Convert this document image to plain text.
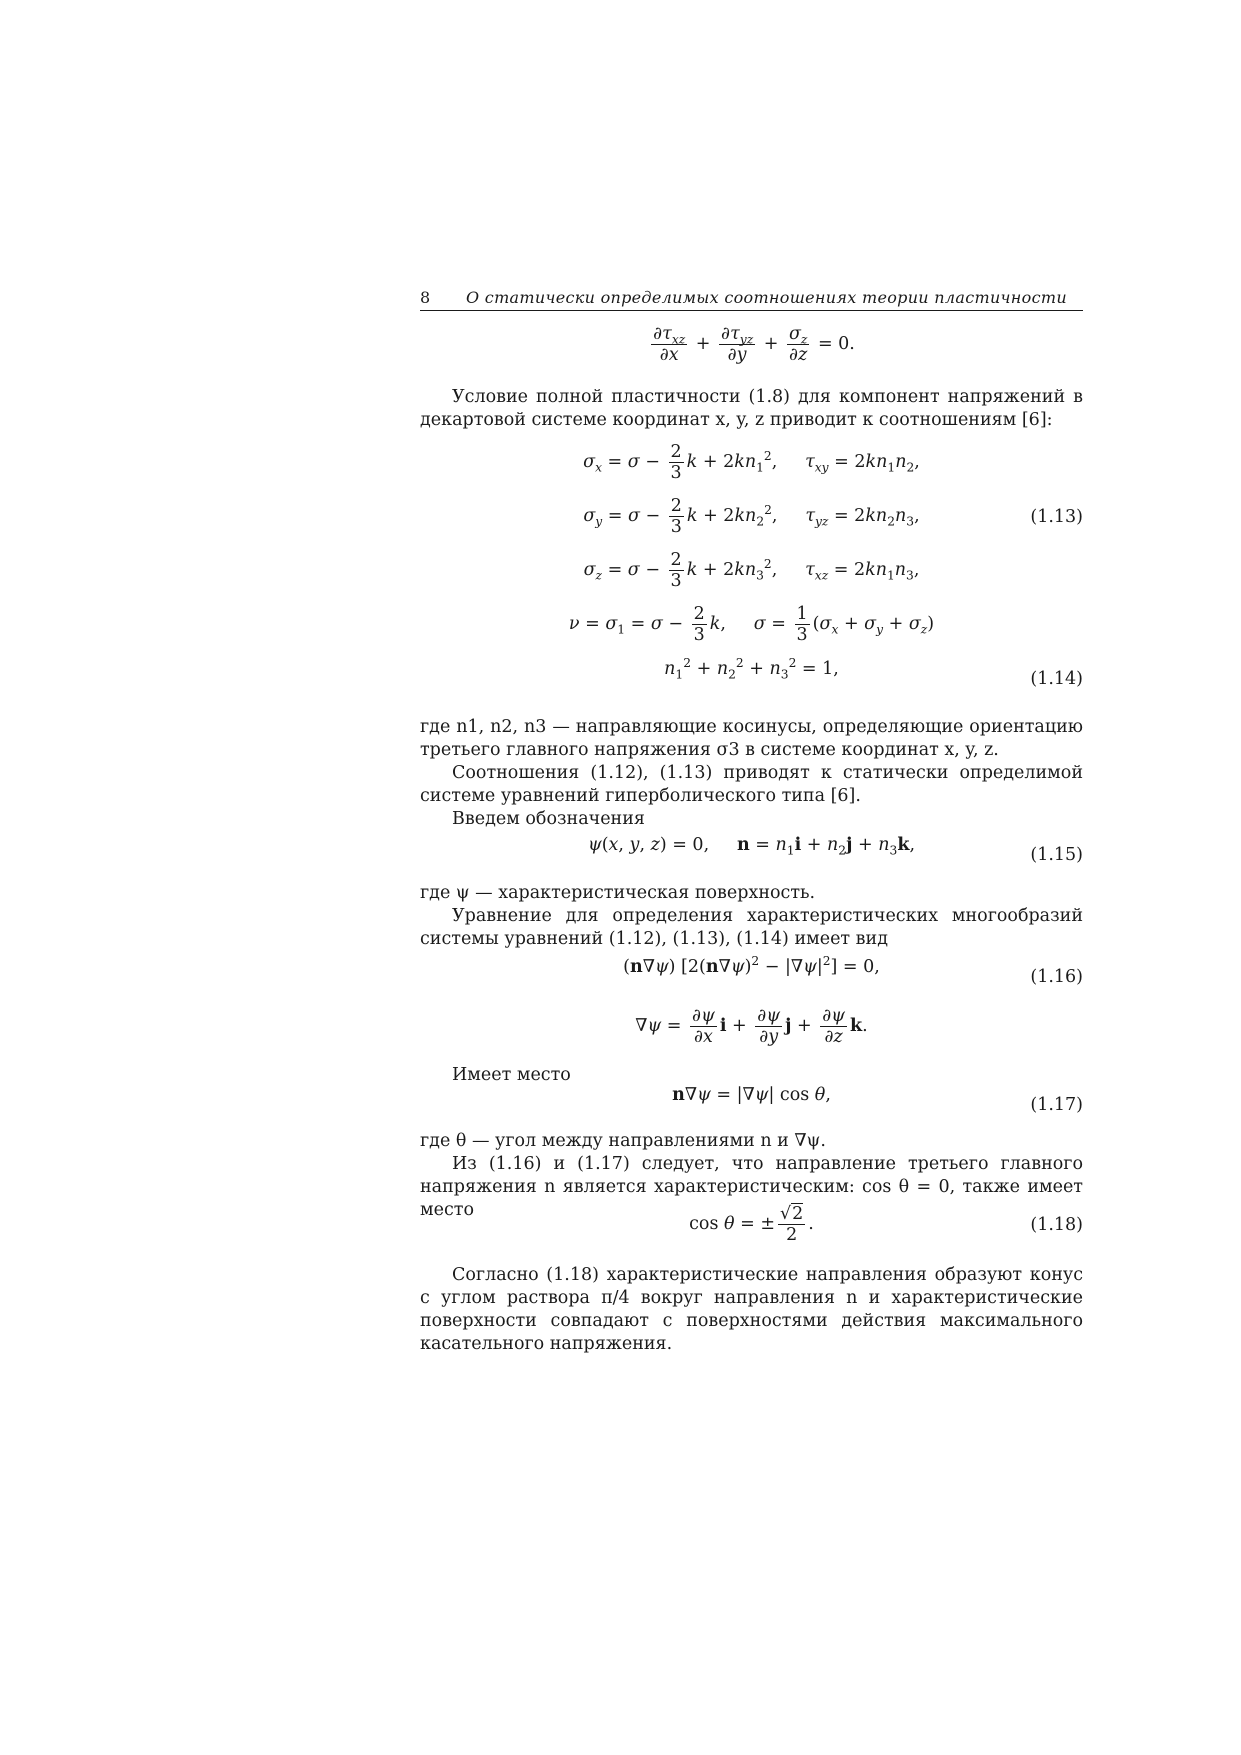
8 О статически определимых соотношениях теории пластичности
$\frac{\partial\tau_{xz}}{\partial x} + \frac{\partial\tau_{yz}}{\partial y} + \frac{\sigma_z}{\partial z} = 0$.

Условие полной пластичности (1.8) для компонент напряжений в декартовой системе координат x, y, z приводит к соотношениям [6]:

$\sigma_x = \sigma - \frac{2}{3}$ $k + 2kn_1^2$,     $\tau_{xy} = 2kn_1n_2$,
$\sigma_y = \sigma - \frac{2}{3}$ $k + 2kn_2^2$,     $\tau_{yz} = 2kn_2n_3$,	(1.13)
$\sigma_z = \sigma - \frac{2}{3}$ $k + 2kn_3^2$,     $\tau_{xz} = 2kn_1n_3$,
$\nu = \sigma_1 = \sigma - \frac{2}{3} k$,     $\sigma = \frac{1}{3} (\sigma_x + \sigma_y + \sigma_z)$
$n_1^2 + n_2^2 + n_3^2 = 1$,	(1.14)

где n1, n2, n3 — направляющие косинусы, определяющие ориентацию третьего главного напряжения σ3 в системе координат x, y, z.

Соотношения (1.12), (1.13) приводят к статически определимой системе уравнений гиперболического типа [6].

Введем обозначения

ψ(x, y, z) = 0,     $n = n_1i + n_2j + n_3k$,	(1.15)

где ψ — характеристическая поверхность.

Уравнение для определения характеристических многообразий системы уравнений (1.12), (1.13), (1.14) имеет вид

(n∇ψ) $[2(n\nabla\psi)^2 - |\nabla\psi|^2] = 0$,	(1.16)
$\nabla\psi = \frac{\partial\psi}{\partial x}$ $i + \frac{\partial\psi}{\partial y}$ $j + \frac{\partial\psi}{\partial z} k$.

Имеет место

n∇ψ = |∇ψ| cos θ,	(1.17)

где θ — угол между направлениями n и ∇ψ.

Из (1.16) и (1.17) следует, что направление третьего главного напряжения n является характеристическим: cos θ = 0, также имеет место

cos θ = ± $\frac{√2}{2}$ .	(1.18)

Согласно (1.18) характеристические направления образуют конус с углом раствора π/4 вокруг направления n и характеристические поверхности совпадают с поверхностями действия максимального касательного напряжения.
